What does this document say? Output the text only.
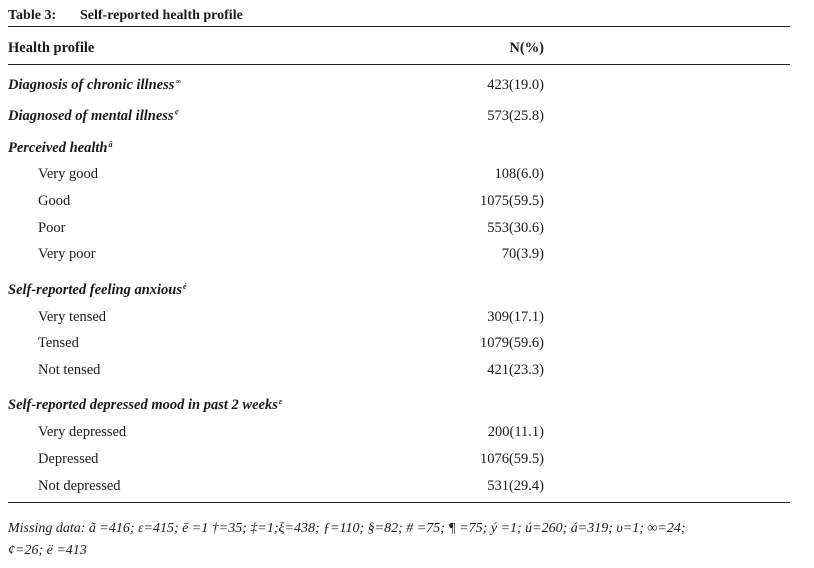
Table 3: Self-reported health profile
Health profile	N(%)
Diagnosis of chronic illness∞	423(19.0)
Diagnosed of mental illness¢	573(25.8)
Perceived health$^ã$
Very good	108(6.0)
Good	1075(59.5)
Poor	553(30.6)
Very poor	70(3.9)
Self-reported feeling anxious$^é$
Very tensed	309(17.1)
Tensed	1079(59.6)
Not tensed	421(23.3)
Self-reported depressed mood in past 2 weeks$^\varepsilon$
Very depressed	200(11.1)
Depressed	1076(59.5)
Not depressed	531(29.4)
Missing data: ã =416; ε=415; ē =1 †=35; ‡=1;ξ=438; ƒ=110; §=82; # =75; ¶ =75; ý =1; ú=260; á=319; υ=1; ∞=24;
¢=26; ë =413
